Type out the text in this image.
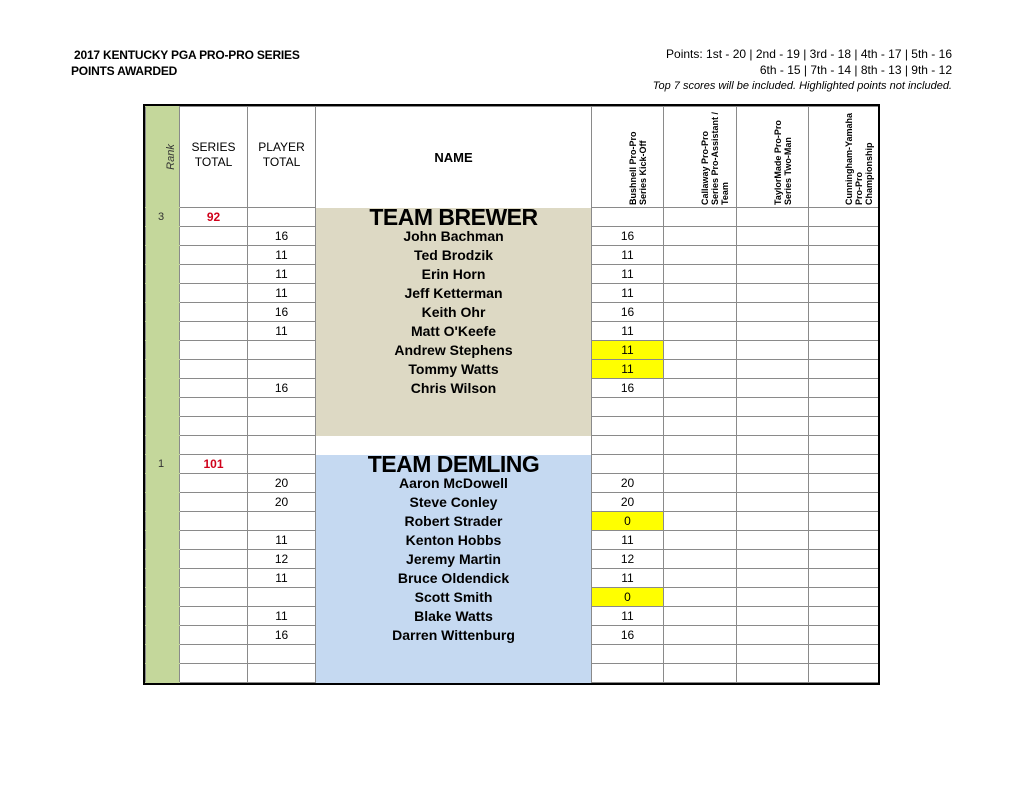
2017 KENTUCKY PGA PRO-PRO SERIES
POINTS AWARDED
Points: 1st - 20 | 2nd - 19 | 3rd - 18 | 4th - 17 | 5th - 16
6th - 15 | 7th - 14 | 8th - 13 | 9th - 12
Top 7 scores will be included. Highlighted points not included.
Rank	SERIES TOTAL	PLAYER TOTAL	NAME	Bushnell Pro-Pro Series Kick-Off	Callaway Pro-Pro Series Pro-Assistant / Team	TaylorMade Pro-Pro Series Two-Man	Cunningham-Yamaha Pro-Pro Championship

3	92		TEAM BREWER				
		16	John Bachman	16			
		11	Ted Brodzik	11			
		11	Erin Horn	11			
		11	Jeff Ketterman	11			
		16	Keith Ohr	16			
		11	Matt O'Keefe	11			
			Andrew Stephens	11			
			Tommy Watts	11			
		16	Chris Wilson	16			

1	101		TEAM DEMLING				
		20	Aaron McDowell	20			
		20	Steve Conley	20			
			Robert Strader	0			
		11	Kenton Hobbs	11			
		12	Jeremy Martin	12			
		11	Bruce Oldendick	11			
			Scott Smith	0			
		11	Blake Watts	11			
		16	Darren Wittenburg	16			
